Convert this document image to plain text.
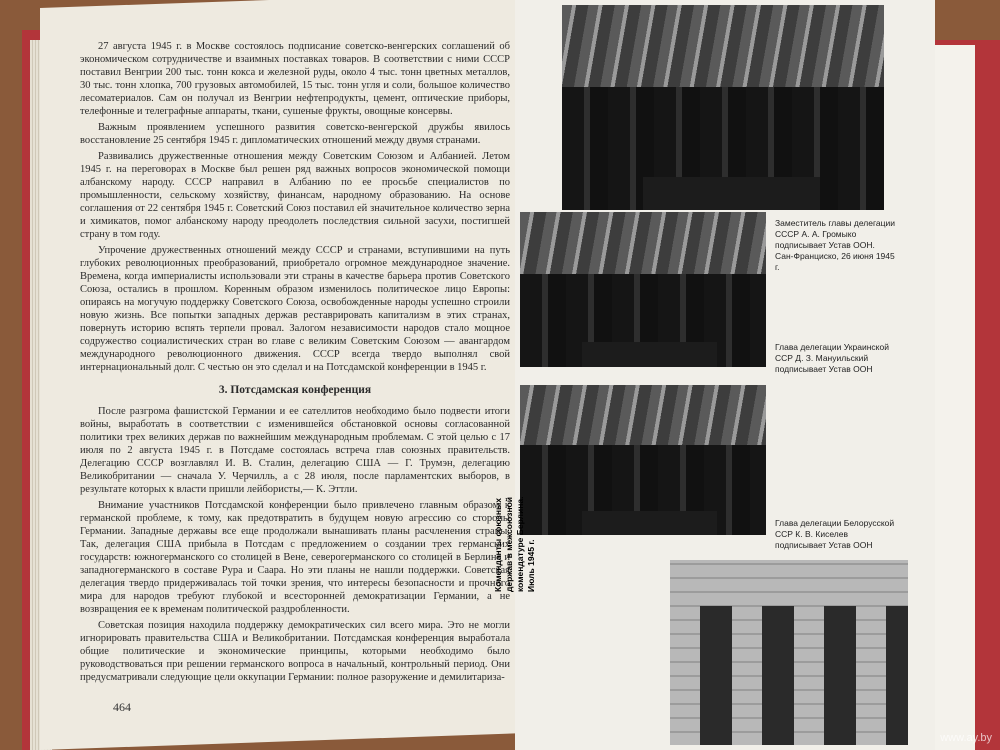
27 августа 1945 г. в Москве состоялось подписание советско-венгерских соглашений об экономическом сотрудничестве и взаимных поставках товаров. В соответствии с ними СССР поставил Венгрии 200 тыс. тонн кокса и железной руды, около 4 тыс. тонн цветных металлов, 30 тыс. тонн хлопка, 700 грузовых автомобилей, 15 тыс. тонн угля и соли, большое количество лесоматериалов. Сам он получал из Венгрии нефтепродукты, цемент, оптические приборы, телефонные и телеграфные аппараты, ткани, сушеные фрукты, овощные консервы.

Важным проявлением успешного развития советско-венгерской дружбы явилось восстановление 25 сентября 1945 г. дипломатических отношений между двумя странами.

Развивались дружественные отношения между Советским Союзом и Албанией. Летом 1945 г. на переговорах в Москве был решен ряд важных вопросов экономической помощи албанскому народу. СССР направил в Албанию по ее просьбе специалистов по промышленности, сельскому хозяйству, финансам, народному образованию. На основе соглашения от 22 сентября 1945 г. Советский Союз поставил ей значительное количество зерна и химикатов, помог албанскому народу преодолеть последствия сильной засухи, постигшей страну в том году.

Упрочение дружественных отношений между СССР и странами, вступившими на путь глубоких революционных преобразований, приобретало огромное международное значение. Времена, когда империалисты использовали эти страны в качестве барьера против Советского Союза, остались в прошлом. Коренным образом изменилось политическое лицо Европы: опираясь на могучую поддержку Советского Союза, освобожденные народы успешно строили новую жизнь. Все попытки западных держав реставрировать капитализм в этих странах, повернуть историю вспять терпели провал. Залогом независимости народов стало мощное содружество социалистических стран во главе с великим Советским Союзом — авангардом международного революционного движения. СССР всегда твердо выполнял свой интернациональный долг. С честью он это сделал и на Потсдамской конференции в 1945 г.

3. Потсдамская конференция

После разгрома фашистской Германии и ее сателлитов необходимо было подвести итоги войны, выработать в соответствии с изменившейся обстановкой основы согласованной политики трех великих держав по важнейшим международным проблемам. С этой целью с 17 июля по 2 августа 1945 г. в Потсдаме состоялась встреча глав союзных правительств. Делегацию СССР возглавлял И. В. Сталин, делегацию США — Г. Трумэн, делегацию Великобритании — сначала У. Черчилль, а с 28 июля, после парламентских выборов, в результате которых к власти пришли лейбористы,— К. Эттли.

Внимание участников Потсдамской конференции было привлечено главным образом к германской проблеме, к тому, как предотвратить в будущем новую агрессию со стороны Германии. Западные державы все еще продолжали вынашивать планы расчленения страны. Так, делегация США прибыла в Потсдам с предложением о создании трех германских государств: южногерманского со столицей в Вене, северогерманского со столицей в Берлине и западногерманского в составе Рура и Саара. Но эти планы не нашли поддержки. Советская делегация твердо придерживалась той точки зрения, что интересы безопасности и прочного мира для народов требуют глубокой и всесторонней демократизации Германии, а не возвращения ее к временам политической раздробленности.

Советская позиция находила поддержку демократических сил всего мира. Это не могли игнорировать правительства США и Великобритании. Потсдамская конференция выработала общие политические и экономические принципы, которыми необходимо было руководствоваться при решении германского вопроса в начальный, контрольный период. Они предусматривали следующие цели оккупации Германии: полное разоружение и демилитариза-

464
Заместитель главы делегации СССР А. А. Громыко подписывает Устав ООН. Сан-Франциско, 26 июня 1945 г.
Глава делегации Украинской ССР Д. З. Мануильский подписывает Устав ООН
Глава делегации Белорусской ССР К. В. Киселев подписывает Устав ООН
Коменданты союзных держав в межсоюзной комендатуре Берлина. Июль 1945 г.
www.ay.by
